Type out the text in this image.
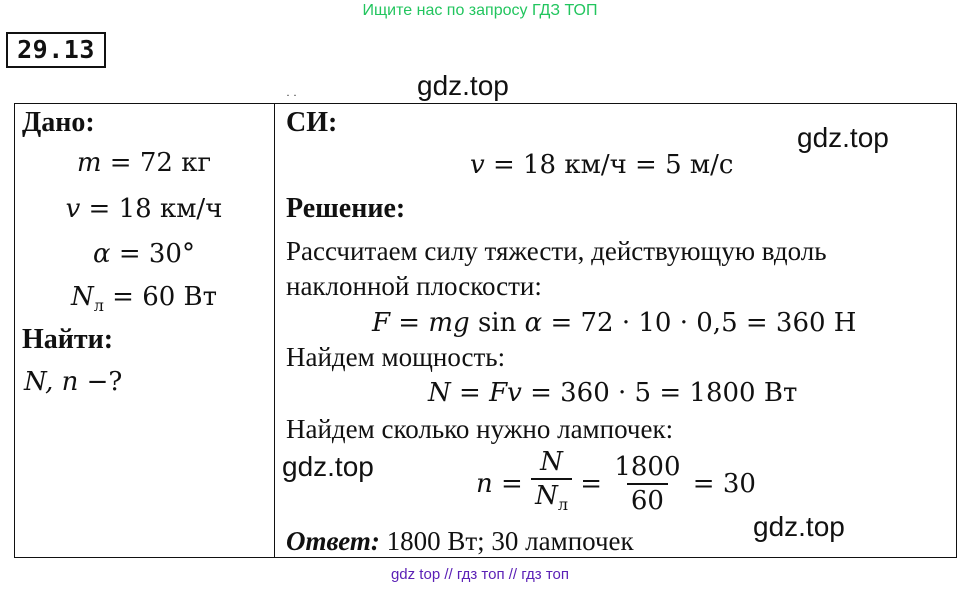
Ищите нас по запросу ГДЗ ТОП
29.13
· ·	gdz.top
gdz.top
gdz.top
gdz.top
Дано:
m = 72 кг
v = 18 км/ч
α = 30°
$N_л = 60$ Вт
Найти:
N, n −?
СИ:
v = 18 км/ч = 5 м/с
Решение:
Рассчитаем силу тяжести, действующую вдоль
наклонной плоскости:
F = mg sin α = 72 · 10 · 0,5 = 360 Н
Найдем мощность:
N = Fv = 360 · 5 = 1800 Вт
Найдем сколько нужно лампочек:
$n = \frac{N}{N_л} = \frac{1800}{60} = 30$
Ответ: 1800 Вт; 30 лампочек
gdz top // гдз топ // гдз топ
